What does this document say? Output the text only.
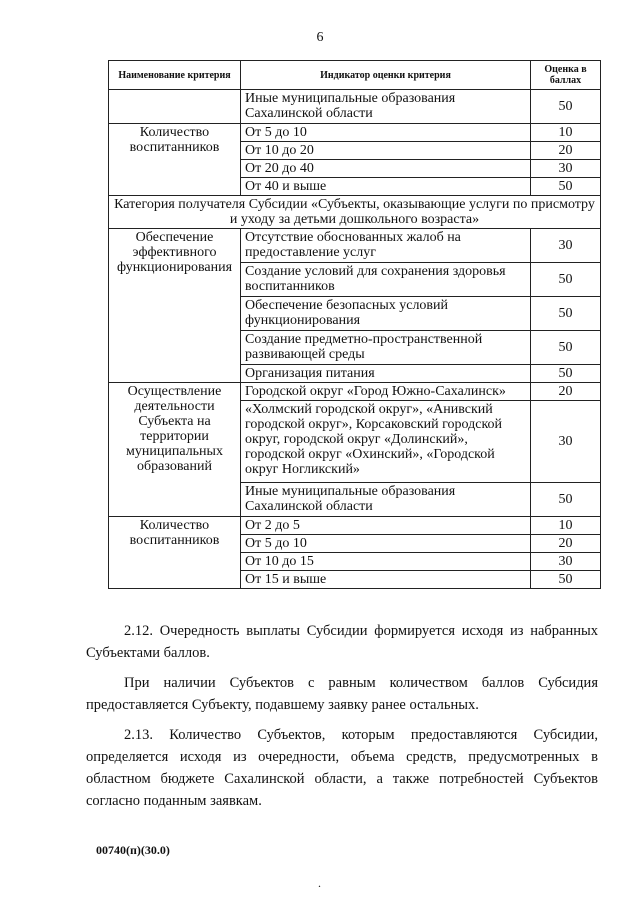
6
Наименование критерия	Индикатор оценки критерия	Оценка в баллах
	Иные муниципальные образования Сахалинской области	50
Количество воспитанников	От 5 до 10	10
	От 10 до 20	20
	От 20 до 40	30
	От 40 и выше	50
Категория получателя Субсидии «Субъекты, оказывающие услуги по присмотру и уходу за детьми дошкольного возраста»		
Обеспечение эффективного функционирования	Отсутствие обоснованных жалоб на предоставление услуг	30
	Создание условий для сохранения здоровья воспитанников	50
	Обеспечение безопасных условий функционирования	50
	Создание предметно-пространственной развивающей среды	50
	Организация питания	50
Осуществление деятельности Субъекта на территории муниципальных образований	Городской округ «Город Южно-Сахалинск»	20
	«Холмский городской округ», «Анивский городской округ», Корсаковский городской округ, городской округ «Долинский», городской округ «Охинский», «Городской округ Ногликский»	30
	Иные муниципальные образования Сахалинской области	50
Количество воспитанников	От 2 до 5	10
	От 5 до 10	20
	От 10 до 15	30
	От 15 и выше	50

2.12. Очередность выплаты Субсидии формируется исходя из набранных Субъектами баллов.

При наличии Субъектов с равным количеством баллов Субсидия предоставляется Субъекту, подавшему заявку ранее остальных.

2.13. Количество Субъектов, которым предоставляются Субсидии, определяется исходя из очередности, объема средств, предусмотренных в областном бюджете Сахалинской области, а также потребностей Субъектов согласно поданным заявкам.

00740(п)(30.0)
.
